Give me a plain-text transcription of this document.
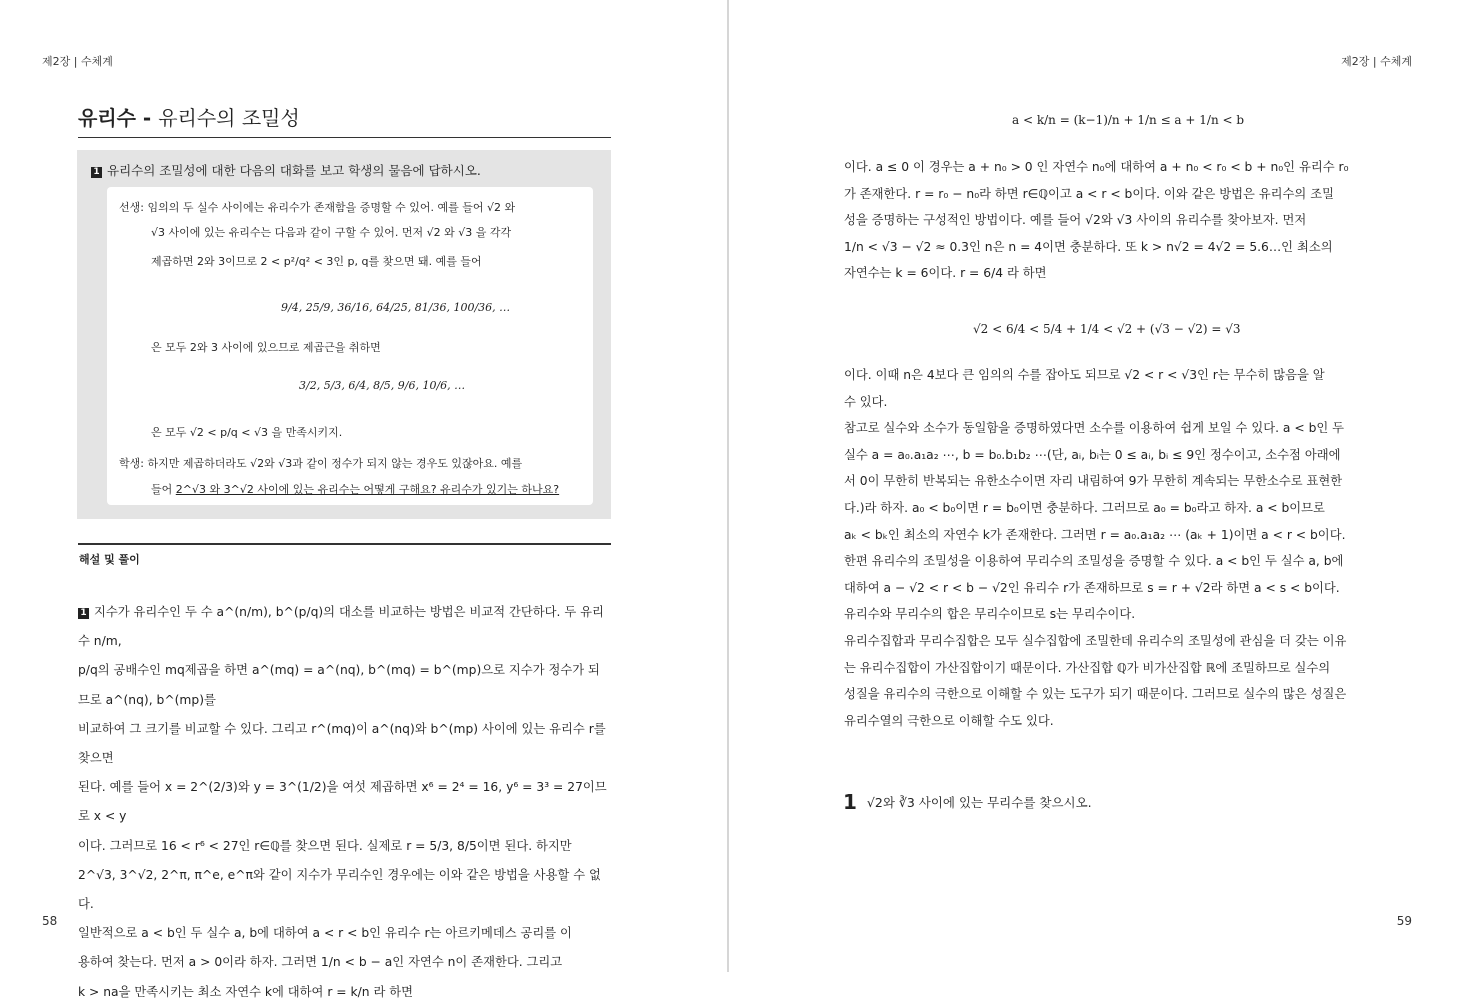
제2장 | 수체계
유리수 - 유리수의 조밀성
1 유리수의 조밀성에 대한 다음의 대화를 보고 학생의 물음에 답하시오.
선생: 임의의 두 실수 사이에는 유리수가 존재함을 증명할 수 있어. 예를 들어 √2 와
√3 사이에 있는 유리수는 다음과 같이 구할 수 있어. 먼저 √2 와 √3 을 각각
제곱하면 2와 3이므로 2 < p²/q² < 3인 p, q를 찾으면 돼. 예를 들어
9/4, 25/9, 36/16, 64/25, 81/36, 100/36, …
은 모두 2와 3 사이에 있으므로 제곱근을 취하면
3/2, 5/3, 6/4, 8/5, 9/6, 10/6, …
은 모두 √2 < p/q < √3 을 만족시키지.
학생: 하지만 제곱하더라도 √2와 √3과 같이 정수가 되지 않는 경우도 있잖아요. 예를
들어 2^√3 와 3^√2 사이에 있는 유리수는 어떻게 구해요? 유리수가 있기는 하나요?
해설 및 풀이
1 지수가 유리수인 두 수 a^(n/m), b^(p/q)의 대소를 비교하는 방법은 비교적 간단하다. 두 유리수 n/m,
p/q의 공배수인 mq제곱을 하면 a^(mq) = a^(nq), b^(mq) = b^(mp)으로 지수가 정수가 되므로 a^(nq), b^(mp)를
비교하여 그 크기를 비교할 수 있다. 그리고 r^(mq)이 a^(nq)와 b^(mp) 사이에 있는 유리수 r를 찾으면
된다. 예를 들어 x = 2^(2/3)와 y = 3^(1/2)을 여섯 제곱하면 x⁶ = 2⁴ = 16, y⁶ = 3³ = 27이므로 x < y
이다. 그러므로 16 < r⁶ < 27인 r∈ℚ를 찾으면 된다. 실제로 r = 5/3, 8/5이면 된다. 하지만
2^√3, 3^√2, 2^π, π^e, e^π와 같이 지수가 무리수인 경우에는 이와 같은 방법을 사용할 수 없다.
일반적으로 a < b인 두 실수 a, b에 대하여 a < r < b인 유리수 r는 아르키메데스 공리를 이
용하여 찾는다. 먼저 a > 0이라 하자. 그러면 1/n < b − a인 자연수 n이 존재한다. 그리고
k > na을 만족시키는 최소 자연수 k에 대하여 r = k/n 라 하면
58
제2장 | 수체계
59
a < k/n = (k−1)/n + 1/n ≤ a + 1/n < b
이다. a ≤ 0 이 경우는 a + n₀ > 0 인 자연수 n₀에 대하여 a + n₀ < r₀ < b + n₀인 유리수 r₀
가 존재한다. r = r₀ − n₀라 하면 r∈ℚ이고 a < r < b이다. 이와 같은 방법은 유리수의 조밀
성을 증명하는 구성적인 방법이다. 예를 들어 √2와 √3 사이의 유리수를 찾아보자. 먼저
1/n < √3 − √2 ≈ 0.3인 n은 n = 4이면 충분하다. 또 k > n√2 = 4√2 = 5.6…인 최소의
자연수는 k = 6이다. r = 6/4 라 하면
√2 < 6/4 < 5/4 + 1/4 < √2 + (√3 − √2) = √3
이다. 이때 n은 4보다 큰 임의의 수를 잡아도 되므로 √2 < r < √3인 r는 무수히 많음을 알
수 있다.
참고로 실수와 소수가 동일함을 증명하였다면 소수를 이용하여 쉽게 보일 수 있다. a < b인 두
실수 a = a₀.a₁a₂ ⋯, b = b₀.b₁b₂ ⋯(단, aᵢ, bᵢ는 0 ≤ aᵢ, bᵢ ≤ 9인 정수이고, 소수점 아래에
서 0이 무한히 반복되는 유한소수이면 자리 내림하여 9가 무한히 계속되는 무한소수로 표현한
다.)라 하자. a₀ < b₀이면 r = b₀이면 충분하다. 그러므로 a₀ = b₀라고 하자. a < b이므로
aₖ < bₖ인 최소의 자연수 k가 존재한다. 그러면 r = a₀.a₁a₂ ⋯ (aₖ + 1)이면 a < r < b이다.
한편 유리수의 조밀성을 이용하여 무리수의 조밀성을 증명할 수 있다. a < b인 두 실수 a, b에
대하여 a − √2 < r < b − √2인 유리수 r가 존재하므로 s = r + √2라 하면 a < s < b이다.
유리수와 무리수의 합은 무리수이므로 s는 무리수이다.
유리수집합과 무리수집합은 모두 실수집합에 조밀한데 유리수의 조밀성에 관심을 더 갖는 이유
는 유리수집합이 가산집합이기 때문이다. 가산집합 ℚ가 비가산집합 ℝ에 조밀하므로 실수의
성질을 유리수의 극한으로 이해할 수 있는 도구가 되기 때문이다. 그러므로 실수의 많은 성질은
유리수열의 극한으로 이해할 수도 있다.
1 √2와 ∛3 사이에 있는 무리수를 찾으시오.
